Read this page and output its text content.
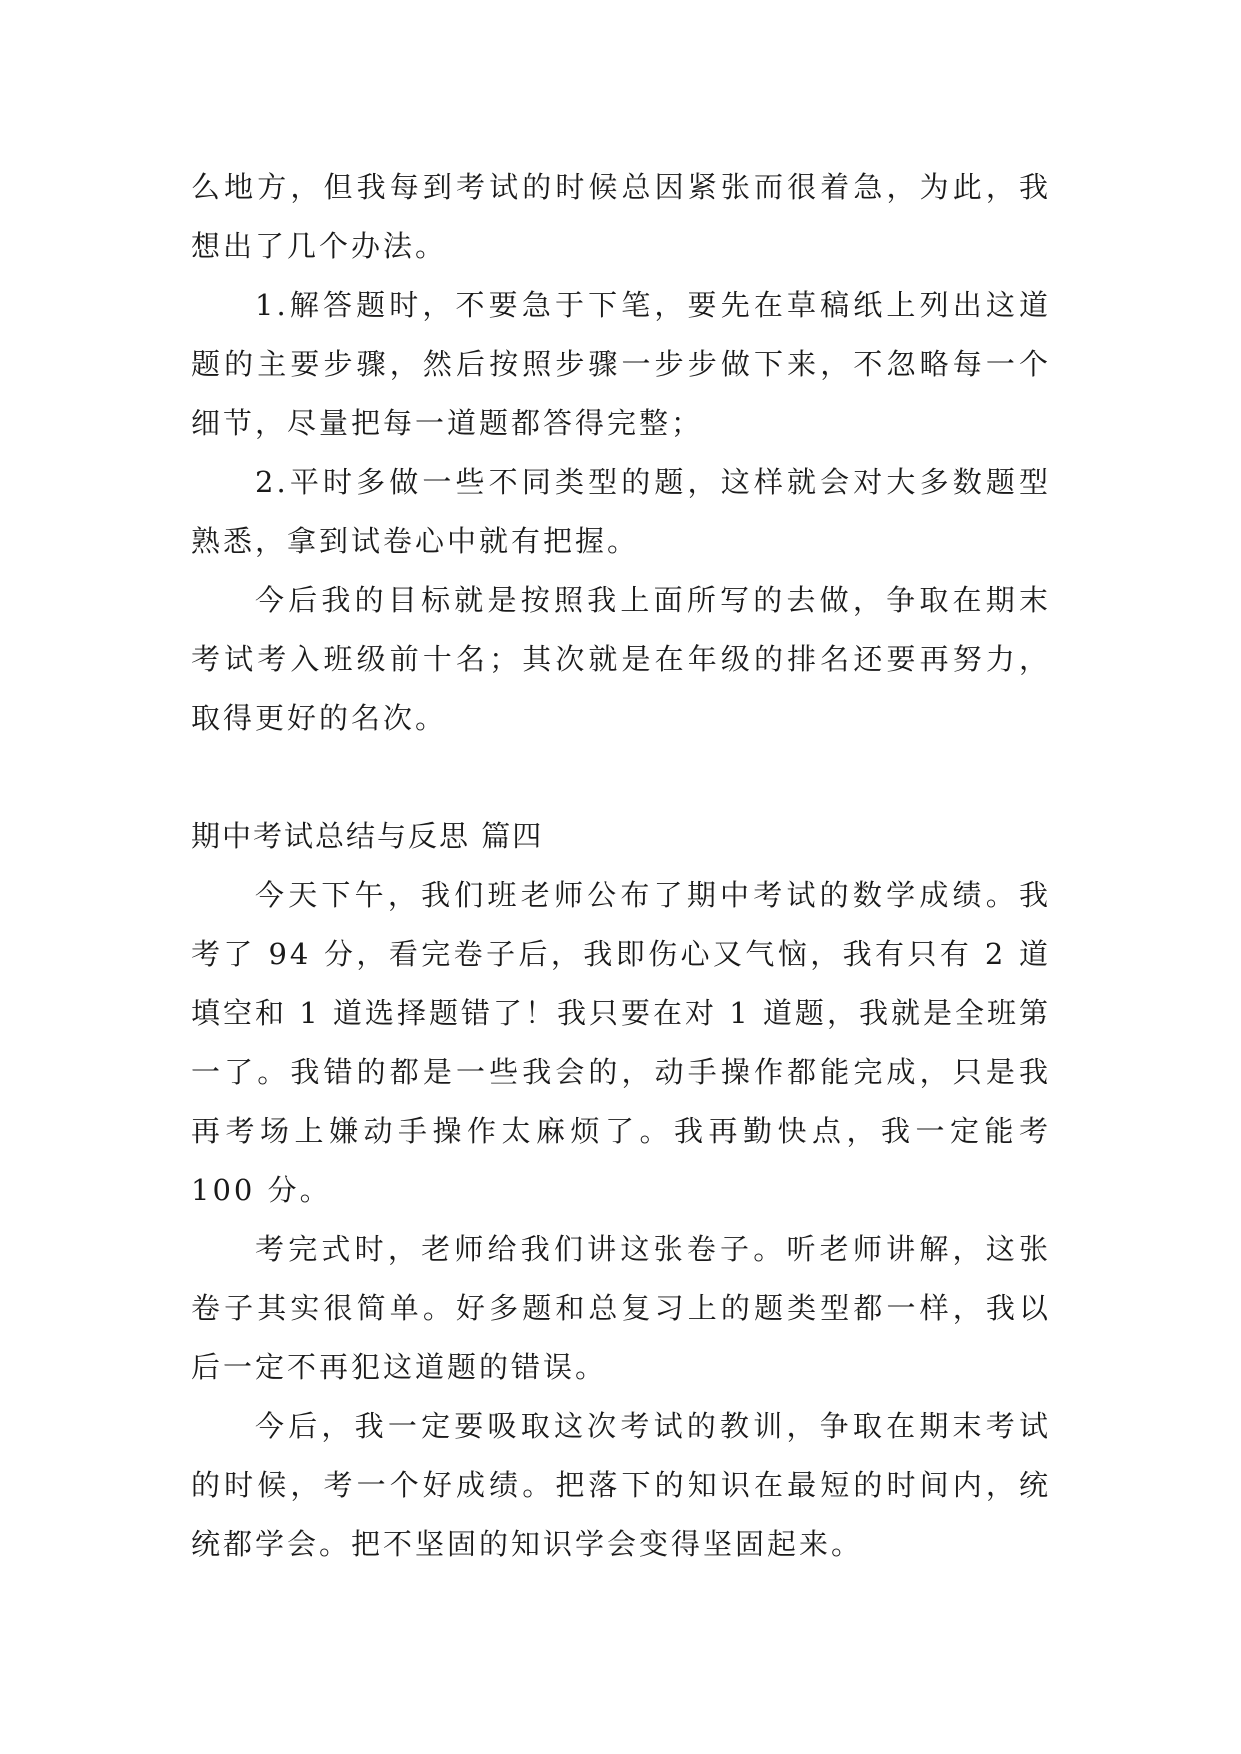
么地方，但我每到考试的时候总因紧张而很着急，为此，我想出了几个办法。

1.解答题时，不要急于下笔，要先在草稿纸上列出这道题的主要步骤，然后按照步骤一步步做下来，不忽略每一个细节，尽量把每一道题都答得完整；

2.平时多做一些不同类型的题，这样就会对大多数题型熟悉，拿到试卷心中就有把握。

今后我的目标就是按照我上面所写的去做，争取在期末考试考入班级前十名；其次就是在年级的排名还要再努力，取得更好的名次。

期中考试总结与反思 篇四

今天下午，我们班老师公布了期中考试的数学成绩。我考了 94 分，看完卷子后，我即伤心又气恼，我有只有 2 道填空和 1 道选择题错了！我只要在对 1 道题，我就是全班第一了。我错的都是一些我会的，动手操作都能完成，只是我再考场上嫌动手操作太麻烦了。我再勤快点，我一定能考 100 分。

考完式时，老师给我们讲这张卷子。听老师讲解，这张卷子其实很简单。好多题和总复习上的题类型都一样，我以后一定不再犯这道题的错误。

今后，我一定要吸取这次考试的教训，争取在期末考试的时候，考一个好成绩。把落下的知识在最短的时间内，统统都学会。把不坚固的知识学会变得坚固起来。
